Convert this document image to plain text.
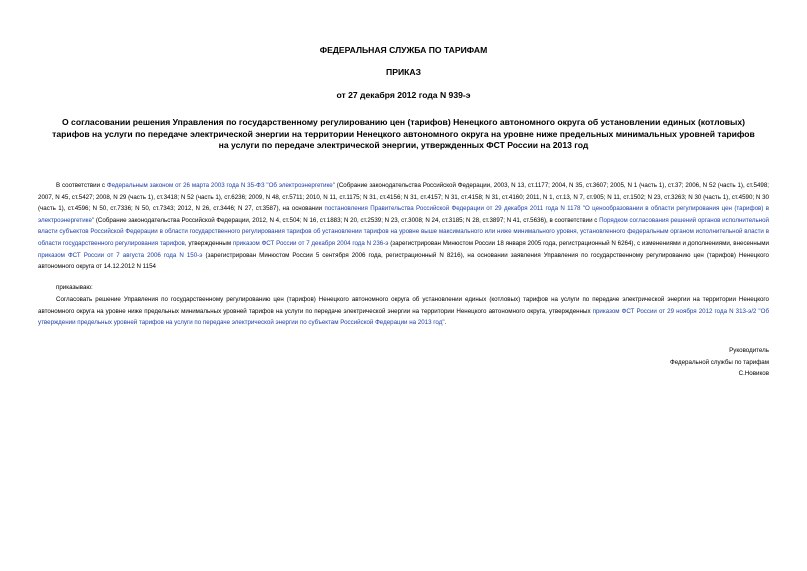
ФЕДЕРАЛЬНАЯ СЛУЖБА ПО ТАРИФАМ
ПРИКАЗ
от 27 декабря 2012 года N 939-э
О согласовании решения Управления по государственному регулированию цен (тарифов) Ненецкого автономного округа об установлении единых (котловых) тарифов на услуги по передаче электрической энергии на территории Ненецкого автономного округа на уровне ниже предельных минимальных уровней тарифов на услуги по передаче электрической энергии, утвержденных ФСТ России на 2013 год
В соответствии с Федеральным законом от 26 марта 2003 года N 35-ФЗ "Об электроэнергетике" (Собрание законодательства Российской Федерации, 2003, N 13, ст.1177; 2004, N 35, ст.3607; 2005, N 1 (часть 1), ст.37; 2006, N 52 (часть 1), ст.5498; 2007, N 45, ст.5427; 2008, N 29 (часть 1), ст.3418; N 52 (часть 1), ст.6236; 2009, N 48, ст.5711; 2010, N 11, ст.1175; N 31, ст.4156; N 31, ст.4157; N 31, ст.4158; N 31, ст.4160; 2011, N 1, ст.13, N 7, ст.905; N 11, ст.1502; N 23, ст.3263; N 30 (часть 1), ст.4590; N 30 (часть 1), ст.4596; N 50, ст.7336; N 50, ст.7343; 2012, N 26, ст.3446; N 27, ст.3587), на основании постановления Правительства Российской Федерации от 29 декабря 2011 года N 1178 "О ценообразовании в области регулирования цен (тарифов) в электроэнергетике" (Собрание законодательства Российской Федерации, 2012, N 4, ст.504; N 16, ст.1883; N 20, ст.2539; N 23, ст.3008; N 24, ст.3185; N 28, ст.3897; N 41, ст.5636), в соответствии с Порядком согласования решений органов исполнительной власти субъектов Российской Федерации в области государственного регулирования тарифов об установлении тарифов на уровне выше максимального или ниже минимального уровня, установленного федеральным органом исполнительной власти в области государственного регулирования тарифов, утвержденным приказом ФСТ России от 7 декабря 2004 года N 236-э (зарегистрирован Минюстом России 18 января 2005 года, регистрационный N 6264), с изменениями и дополнениями, внесенными приказом ФСТ России от 7 августа 2006 года N 150-э (зарегистрирован Минюстом России 5 сентября 2006 года, регистрационный N 8216), на основании заявления Управления по государственному регулированию цен (тарифов) Ненецкого автономного округа от 14.12.2012 N 1154
приказываю:
Согласовать решение Управления по государственному регулированию цен (тарифов) Ненецкого автономного округа об установлении единых (котловых) тарифов на услуги по передаче электрической энергии на территории Ненецкого автономного округа на уровне ниже предельных минимальных уровней тарифов на услуги по передаче электрической энергии на территории Ненецкого автономного округа, утвержденных приказом ФСТ России от 29 ноября 2012 года N 313-э/2 "Об утверждении предельных уровней тарифов на услуги по передаче электрической энергии по субъектам Российской Федерации на 2013 год".
Руководитель
Федеральной службы по тарифам
С.Новиков
